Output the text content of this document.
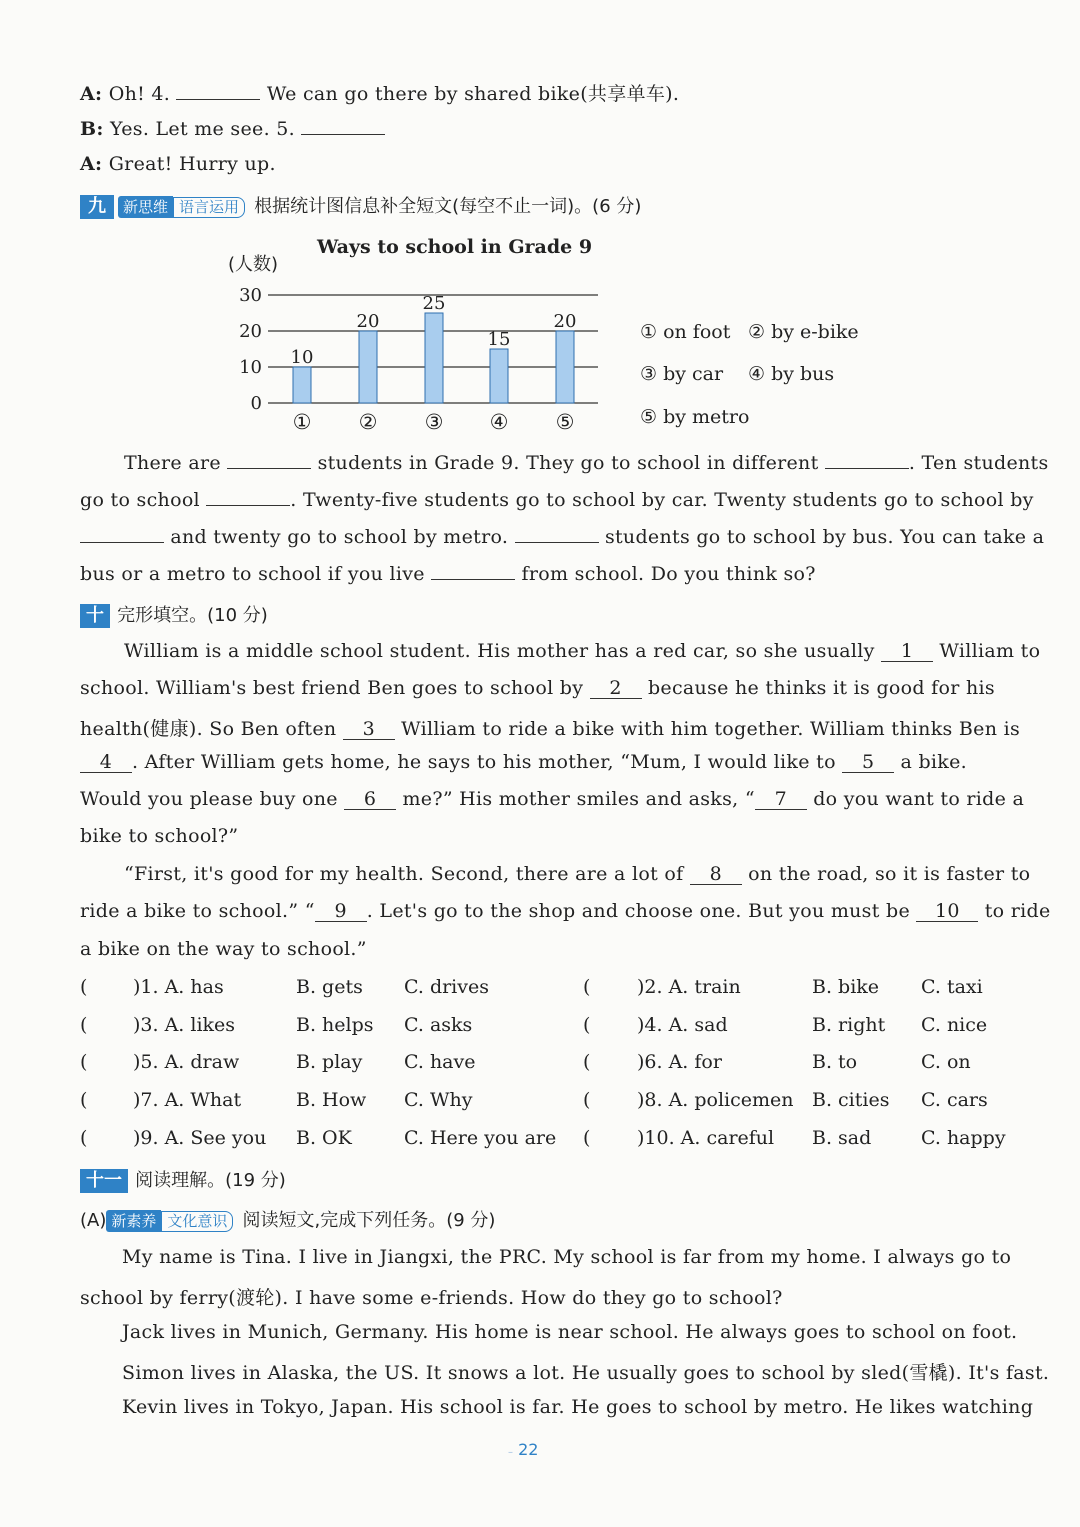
A: Oh! 4.	We can go there by shared bike(共享单车).
B: Yes. Let me see. 5.
A: Great! Hurry up.
九 新思维 语言运用 根据统计图信息补全短文(每空不止一词)。(6 分)
Ways to school in Grade 9
(人数)
30
20
10
0
10
①
20
②
25
③
15
④
20
⑤
① on foot ② by e-bike
③ by car ④ by bus
⑤ by metro
There are	students in Grade 9. They go to school in different	. Ten students
go to school	. Twenty-five students go to school by car. Twenty students go to school by
and twenty go to school by metro.	students go to school by bus. You can take a
bus or a metro to school if you live	from school. Do you think so?
十 完形填空。(10 分)
William is a middle school student. His mother has a red car, so she usually 1 William to
school. William's best friend Ben goes to school by 2 because he thinks it is good for his
health(健康). So Ben often 3 William to ride a bike with him together. William thinks Ben is
4 . After William gets home, he says to his mother, “Mum, I would like to 5 a bike.
Would you please buy one 6 me?” His mother smiles and asks, “ 7 do you want to ride a
bike to school?”
“First, it's good for my health. Second, there are a lot of 8 on the road, so it is faster to
ride a bike to school.” “ 9 . Let's go to the shop and choose one. But you must be 10 to ride
a bike on the way to school.”
( )1. A. has	B. gets C. drives	( )2. A. train	B. bike C. taxi
( )3. A. likes	B. helps C. asks	( )4. A. sad	B. right C. nice
( )5. A. draw	B. play C. have	( )6. A. for	B. to	C. on
( )7. A. What	B. How C. Why	( )8. A. policemen B. cities C. cars
( )9. A. See you B. OK	C. Here you are ( )10. A. careful B. sad	C. happy
十一 阅读理解。(19 分)
(A) 新素养 文化意识 阅读短文,完成下列任务。(9 分)
My name is Tina. I live in Jiangxi, the PRC. My school is far from my home. I always go to
school by ferry(渡轮). I have some e-friends. How do they go to school?
Jack lives in Munich, Germany. His home is near school. He always goes to school on foot.
Simon lives in Alaska, the US. It snows a lot. He usually goes to school by sled(雪橇). It's fast.
Kevin lives in Tokyo, Japan. His school is far. He goes to school by metro. He likes watching
– 22
